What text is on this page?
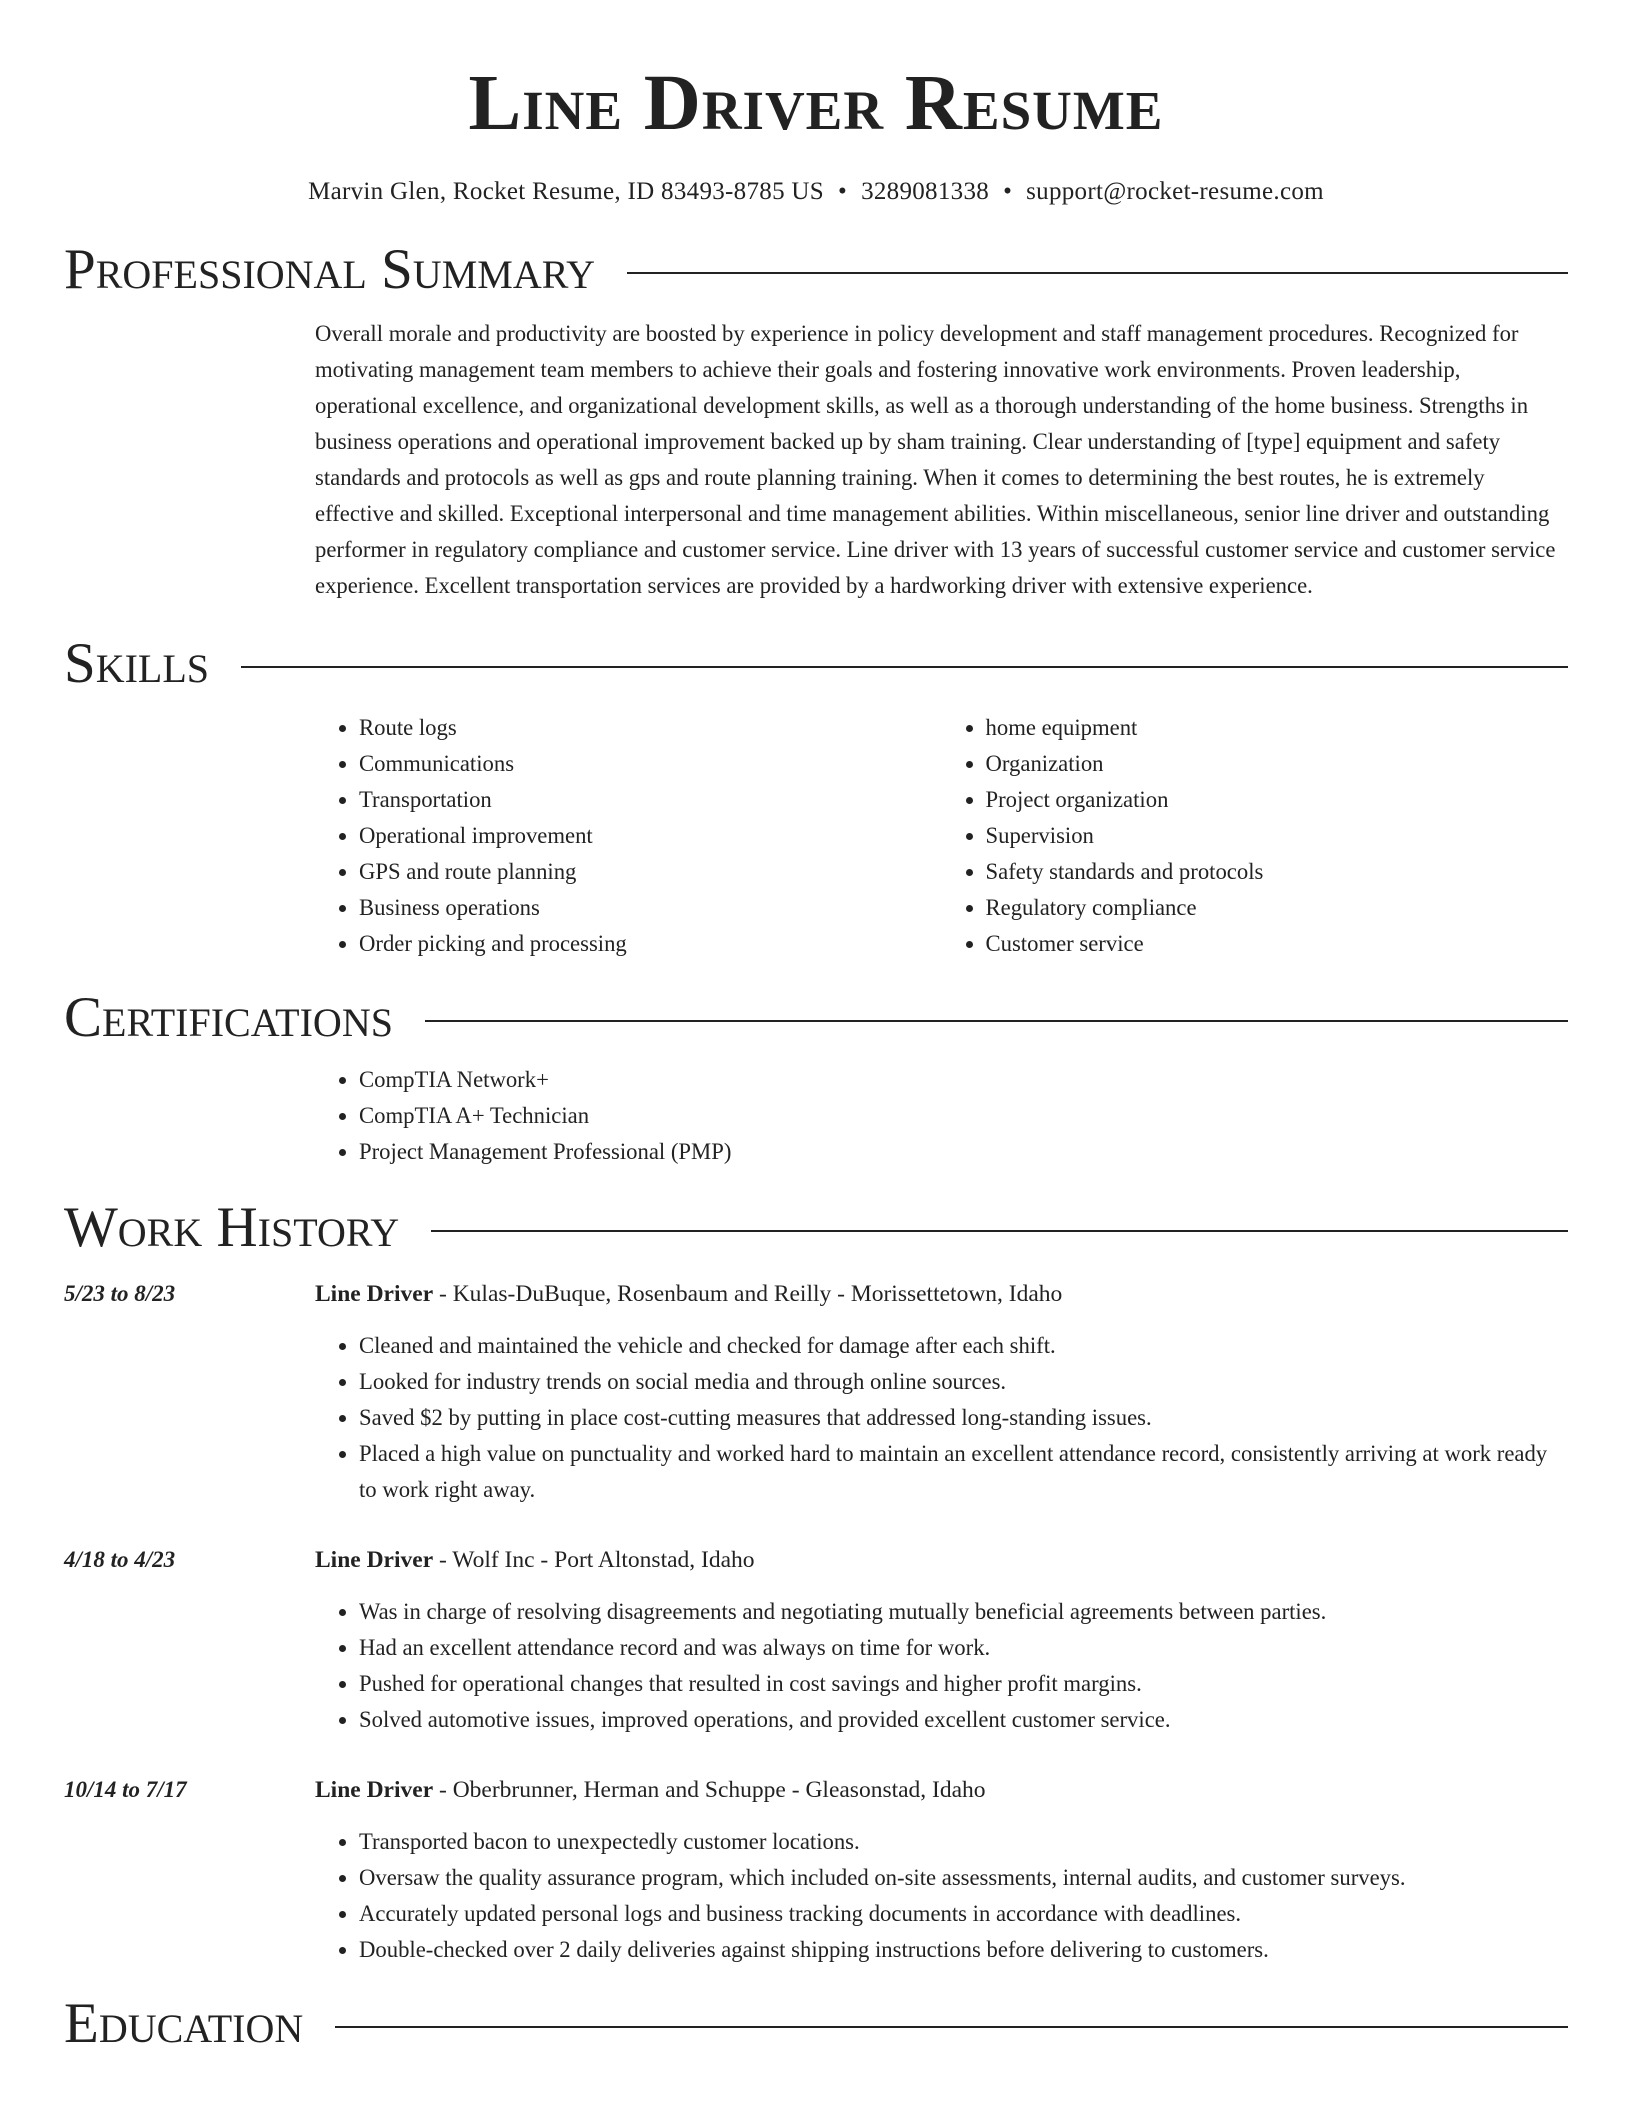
Line Driver Resume
Marvin Glen, Rocket Resume, ID 83493-8785 US • 3289081338 • support@rocket-resume.com
Professional Summary

Overall morale and productivity are boosted by experience in policy development and staff management procedures. Recognized for motivating management team members to achieve their goals and fostering innovative work environments. Proven leadership, operational excellence, and organizational development skills, as well as a thorough understanding of the home business. Strengths in business operations and operational improvement backed up by sham training. Clear understanding of [type] equipment and safety standards and protocols as well as gps and route planning training. When it comes to determining the best routes, he is extremely effective and skilled. Exceptional interpersonal and time management abilities. Within miscellaneous, senior line driver and outstanding performer in regulatory compliance and customer service. Line driver with 13 years of successful customer service and customer service experience. Excellent transportation services are provided by a hardworking driver with extensive experience.

Skills
• Route logs
• Communications
• Transportation
• Operational improvement
• GPS and route planning
• Business operations
• Order picking and processing
• home equipment
• Organization
• Project organization
• Supervision
• Safety standards and protocols
• Regulatory compliance
• Customer service
Certifications
• CompTIA Network+
• CompTIA A+ Technician
• Project Management Professional (PMP)
Work History
5/23 to 8/23	Line Driver - Kulas-DuBuque, Rosenbaum and Reilly - Morissettetown, Idaho
• Cleaned and maintained the vehicle and checked for damage after each shift.
• Looked for industry trends on social media and through online sources.
• Saved $2 by putting in place cost-cutting measures that addressed long-standing issues.
• Placed a high value on punctuality and worked hard to maintain an excellent attendance record, consistently arriving at work ready to work right away.
4/18 to 4/23	Line Driver - Wolf Inc - Port Altonstad, Idaho
• Was in charge of resolving disagreements and negotiating mutually beneficial agreements between parties.
• Had an excellent attendance record and was always on time for work.
• Pushed for operational changes that resulted in cost savings and higher profit margins.
• Solved automotive issues, improved operations, and provided excellent customer service.
10/14 to 7/17	Line Driver - Oberbrunner, Herman and Schuppe - Gleasonstad, Idaho
• Transported bacon to unexpectedly customer locations.
• Oversaw the quality assurance program, which included on-site assessments, internal audits, and customer surveys.
• Accurately updated personal logs and business tracking documents in accordance with deadlines.
• Double-checked over 2 daily deliveries against shipping instructions before delivering to customers.
Education
